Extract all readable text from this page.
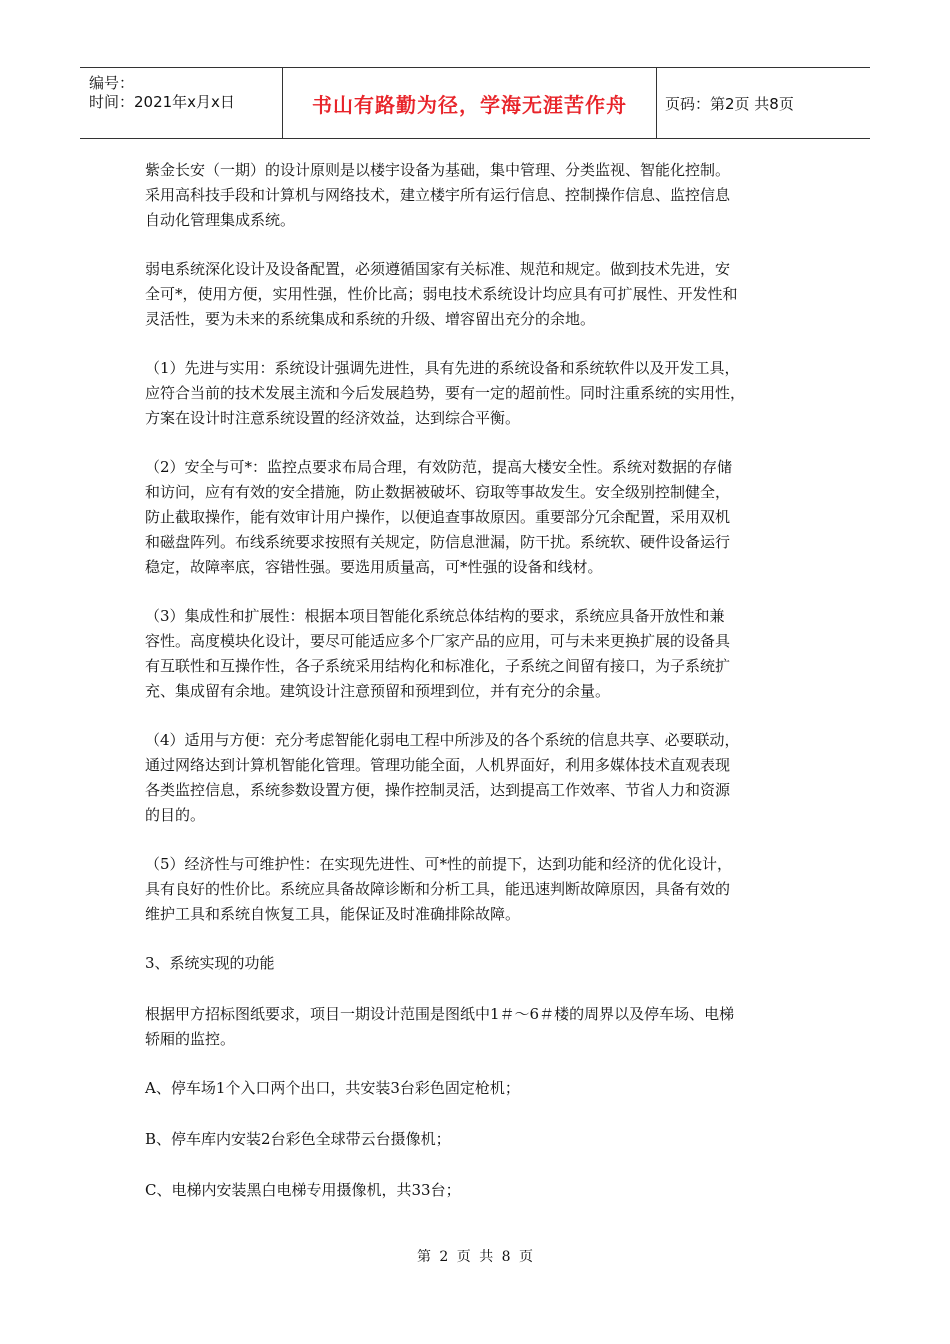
编号：
时间：2021年x月x日	书山有路勤为径，学海无涯苦作舟	页码：第2页 共8页
紫金长安（一期）的设计原则是以楼宇设备为基础，集中管理、分类监视、智能化控制。
采用高科技手段和计算机与网络技术，建立楼宇所有运行信息、控制操作信息、监控信息
自动化管理集成系统。
弱电系统深化设计及设备配置，必须遵循国家有关标准、规范和规定。做到技术先进，安
全可*，使用方便，实用性强，性价比高；弱电技术系统设计均应具有可扩展性、开发性和
灵活性，要为未来的系统集成和系统的升级、增容留出充分的余地。
（1）先进与实用：系统设计强调先进性，具有先进的系统设备和系统软件以及开发工具，
应符合当前的技术发展主流和今后发展趋势，要有一定的超前性。同时注重系统的实用性，
方案在设计时注意系统设置的经济效益，达到综合平衡。
（2）安全与可*：监控点要求布局合理，有效防范，提高大楼安全性。系统对数据的存储
和访问，应有有效的安全措施，防止数据被破坏、窃取等事故发生。安全级别控制健全，
防止截取操作，能有效审计用户操作，以便追查事故原因。重要部分冗余配置，采用双机
和磁盘阵列。布线系统要求按照有关规定，防信息泄漏，防干扰。系统软、硬件设备运行
稳定，故障率底，容错性强。要选用质量高，可*性强的设备和线材。
（3）集成性和扩展性：根据本项目智能化系统总体结构的要求，系统应具备开放性和兼
容性。高度模块化设计，要尽可能适应多个厂家产品的应用，可与未来更换扩展的设备具
有互联性和互操作性，各子系统采用结构化和标准化，子系统之间留有接口，为子系统扩
充、集成留有余地。建筑设计注意预留和预埋到位，并有充分的余量。
（4）适用与方便：充分考虑智能化弱电工程中所涉及的各个系统的信息共享、必要联动，
通过网络达到计算机智能化管理。管理功能全面，人机界面好，利用多媒体技术直观表现
各类监控信息，系统参数设置方便，操作控制灵活，达到提高工作效率、节省人力和资源
的目的。
（5）经济性与可维护性：在实现先进性、可*性的前提下，达到功能和经济的优化设计，
具有良好的性价比。系统应具备故障诊断和分析工具，能迅速判断故障原因，具备有效的
维护工具和系统自恢复工具，能保证及时准确排除故障。
3、系统实现的功能
根据甲方招标图纸要求，项目一期设计范围是图纸中1＃～6＃楼的周界以及停车场、电梯
轿厢的监控。
A、停车场1个入口两个出口，共安装3台彩色固定枪机；
B、停车库内安装2台彩色全球带云台摄像机；
C、电梯内安装黑白电梯专用摄像机，共33台；
第 2 页 共 8 页
